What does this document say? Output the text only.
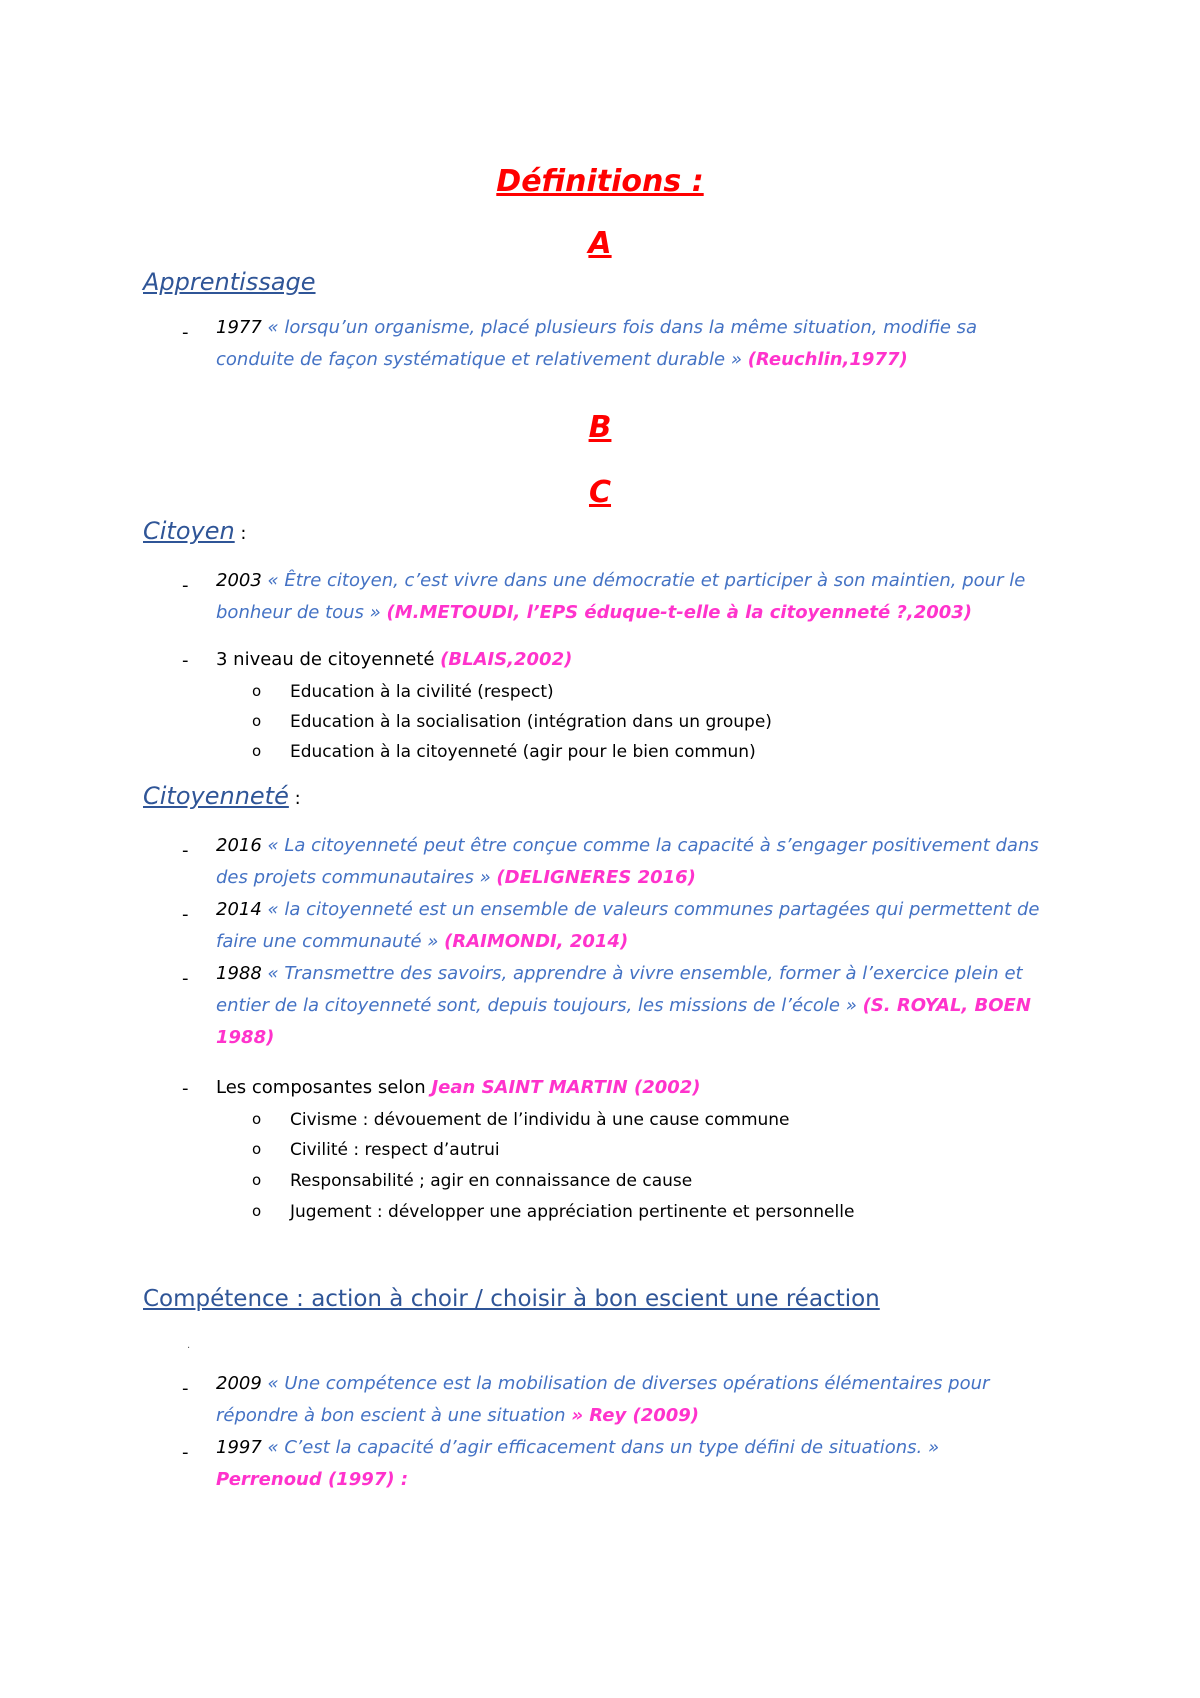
Définitions :
A
Apprentissage
- 1977 « lorsqu’un organisme, placé plusieurs fois dans la même situation, modifie sa
conduite de façon systématique et relativement durable » (Reuchlin,1977)
B
C
Citoyen :
- 2003 « Être citoyen, c’est vivre dans une démocratie et participer à son maintien, pour le
bonheur de tous » (M.METOUDI, l’EPS éduque-t-elle à la citoyenneté ?,2003)
- 3 niveau de citoyenneté (BLAIS,2002)
o Education à la civilité (respect)
o Education à la socialisation (intégration dans un groupe)
o Education à la citoyenneté (agir pour le bien commun)
Citoyenneté :
- 2016 « La citoyenneté peut être conçue comme la capacité à s’engager positivement dans
des projets communautaires » (DELIGNERES 2016)
- 2014 « la citoyenneté est un ensemble de valeurs communes partagées qui permettent de
faire une communauté » (RAIMONDI, 2014)
- 1988 « Transmettre des savoirs, apprendre à vivre ensemble, former à l’exercice plein et
entier de la citoyenneté sont, depuis toujours, les missions de l’école » (S. ROYAL, BOEN
1988)
- Les composantes selon Jean SAINT MARTIN (2002)
o Civisme : dévouement de l’individu à une cause commune
o Civilité : respect d’autrui
o Responsabilité ; agir en connaissance de cause
o Jugement : développer une appréciation pertinente et personnelle
Compétence : action à choir / choisir à bon escient une réaction
.
- 2009 « Une compétence est la mobilisation de diverses opérations élémentaires pour
répondre à bon escient à une situation » Rey (2009)
- 1997 « C’est la capacité d’agir efficacement dans un type défini de situations. »
Perrenoud (1997) :
